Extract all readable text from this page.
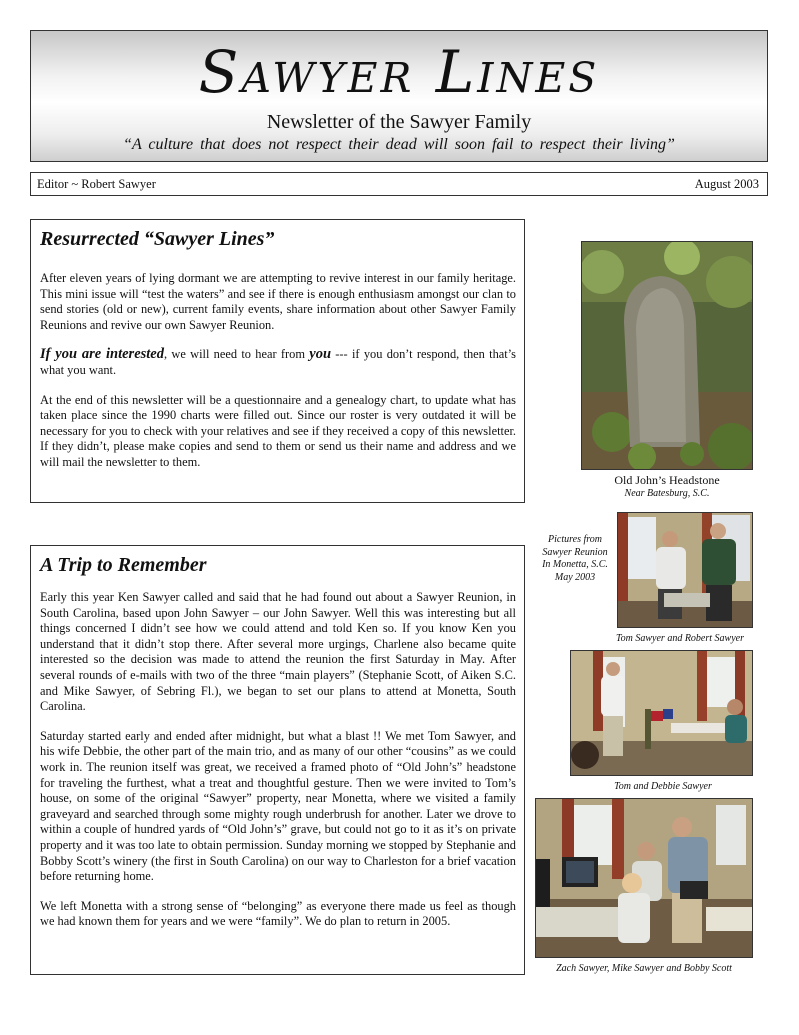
Sawyer Lines
Newsletter of the Sawyer Family
“A culture that does not respect their dead will soon fail to respect their living”
Editor ~ Robert Sawyer	August 2003
Resurrected “Sawyer Lines”

After eleven years of lying dormant we are attempting to revive interest in our family heritage. This mini issue will “test the waters” and see if there is enough enthusiasm amongst our clan to send stories (old or new), current family events, share information about other Sawyer Family Reunions and revive our own Sawyer Reunion.

If you are interested, we will need to hear from you --- if you don’t respond, then that’s what you want.

At the end of this newsletter will be a questionnaire and a genealogy chart, to update what has taken place since the 1990 charts were filled out. Since our roster is very outdated it will be necessary for you to check with your relatives and see if they received a copy of this newsletter. If they didn’t, please make copies and send to them or send us their name and address and we will mail the newsletter to them.

A Trip to Remember

Early this year Ken Sawyer called and said that he had found out about a Sawyer Reunion, in South Carolina, based upon John Sawyer – our John Sawyer. Well this was interesting but all things concerned I didn’t see how we could attend and told Ken so. If you know Ken you understand that it didn’t stop there. After several more urgings, Charlene also became quite interested so the decision was made to attend the reunion the first Saturday in May. After several rounds of e-mails with two of the three “main players” (Stephanie Scott, of Aiken S.C. and Mike Sawyer, of Sebring Fl.), we began to set our plans to attend at Monetta, South Carolina.

Saturday started early and ended after midnight, but what a blast !! We met Tom Sawyer, and his wife Debbie, the other part of the main trio, and as many of our other “cousins” as we could work in. The reunion itself was great, we received a framed photo of “Old John’s” headstone for traveling the furthest, what a treat and thoughtful gesture. Then we were invited to Tom’s house, on some of the original “Sawyer” property, near Monetta, where we visited a family graveyard and searched through some mighty rough underbrush for another. Later we drove to within a couple of hundred yards of “Old John’s” grave, but could not go to it as it’s on private property and it was too late to obtain permission. Sunday morning we stopped by Stephanie and Bobby Scott’s winery (the first in South Carolina) on our way to Charleston for a brief vacation before returning home.

We left Monetta with a strong sense of “belonging” as everyone there made us feel as though we had known them for years and we were “family”. We do plan to return in 2005.

Old John’s Headstone
Near Batesburg, S.C.
Pictures from
Sawyer Reunion
In Monetta, S.C.
May 2003
Tom Sawyer and Robert Sawyer
Tom and Debbie Sawyer
Zach Sawyer, Mike Sawyer and Bobby Scott
